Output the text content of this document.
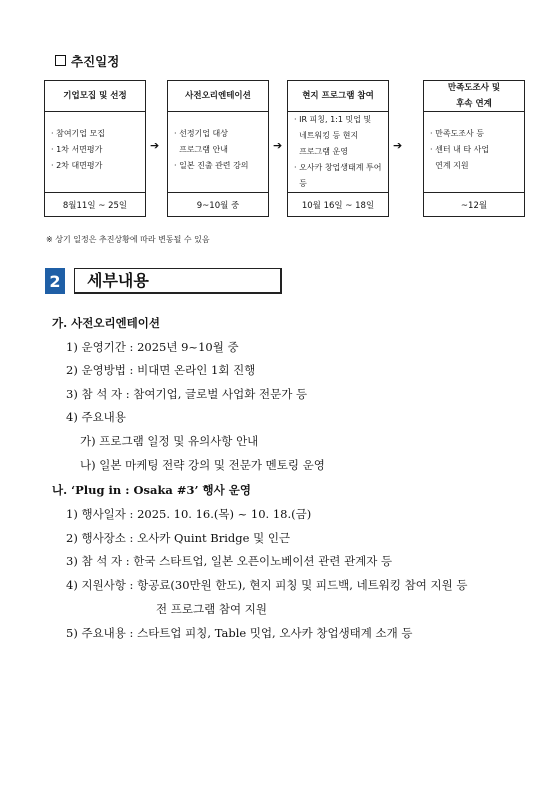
추진일정
기업모집 및 선정
· 참여기업 모집
· 1차 서면평가
· 2차 대면평가
8월11일 ~ 25일
➔
사전오리엔테이션
· 선정기업 대상
프로그램 안내
· 일본 진출 관련 강의
9~10월 중
➔
현지 프로그램 참여
· IR 피칭, 1:1 밋업 및
네트워킹 등 현지
프로그램 운영
· 오사카 창업생태계 투어
등
10월 16일 ~ 18일
➔
만족도조사 및
후속 연계
· 만족도조사 등
· 센터 내 타 사업
연계 지원
~12월
※ 상기 일정은 추진상황에 따라 변동될 수 있음
2	세부내용
가. 사전오리엔테이션
1) 운영기간 : 2025년 9~10월 중
2) 운영방법 : 비대면 온라인 1회 진행
3) 참 석 자 : 참여기업, 글로벌 사업화 전문가 등
4) 주요내용
가) 프로그램 일정 및 유의사항 안내
나) 일본 마케팅 전략 강의 및 전문가 멘토링 운영
나. ‘Plug in : Osaka #3’ 행사 운영
1) 행사일자 : 2025. 10. 16.(목) ~ 10. 18.(금)
2) 행사장소 : 오사카 Quint Bridge 및 인근
3) 참 석 자 : 한국 스타트업, 일본 오픈이노베이션 관련 관계자 등
4) 지원사항 : 항공료(30만원 한도), 현지 피칭 및 피드백, 네트워킹 참여 지원 등
전 프로그램 참여 지원
5) 주요내용 : 스타트업 피칭, Table 밋업, 오사카 창업생태계 소개 등
